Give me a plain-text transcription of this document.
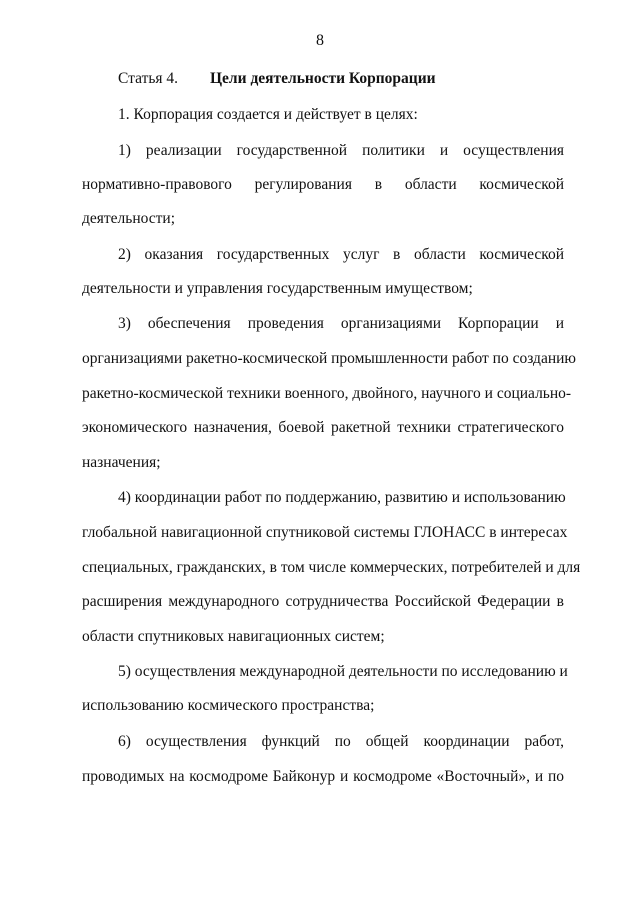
8
Статья 4. Цели деятельности Корпорации
1. Корпорация создается и действует в целях:
1) реализации государственной политики и осуществления
нормативно-правового регулирования в области космической
деятельности;
2) оказания государственных услуг в области космической
деятельности и управления государственным имуществом;
3) обеспечения проведения организациями Корпорации и
организациями ракетно-космической промышленности работ по созданию
ракетно-космической техники военного, двойного, научного и социально-
экономического назначения, боевой ракетной техники стратегического
назначения;
4) координации работ по поддержанию, развитию и использованию
глобальной навигационной спутниковой системы ГЛОНАСС в интересах
специальных, гражданских, в том числе коммерческих, потребителей и для
расширения международного сотрудничества Российской Федерации в
области спутниковых навигационных систем;
5) осуществления международной деятельности по исследованию и
использованию космического пространства;
6) осуществления функций по общей координации работ,
проводимых на космодроме Байконур и космодроме «Восточный», и по
